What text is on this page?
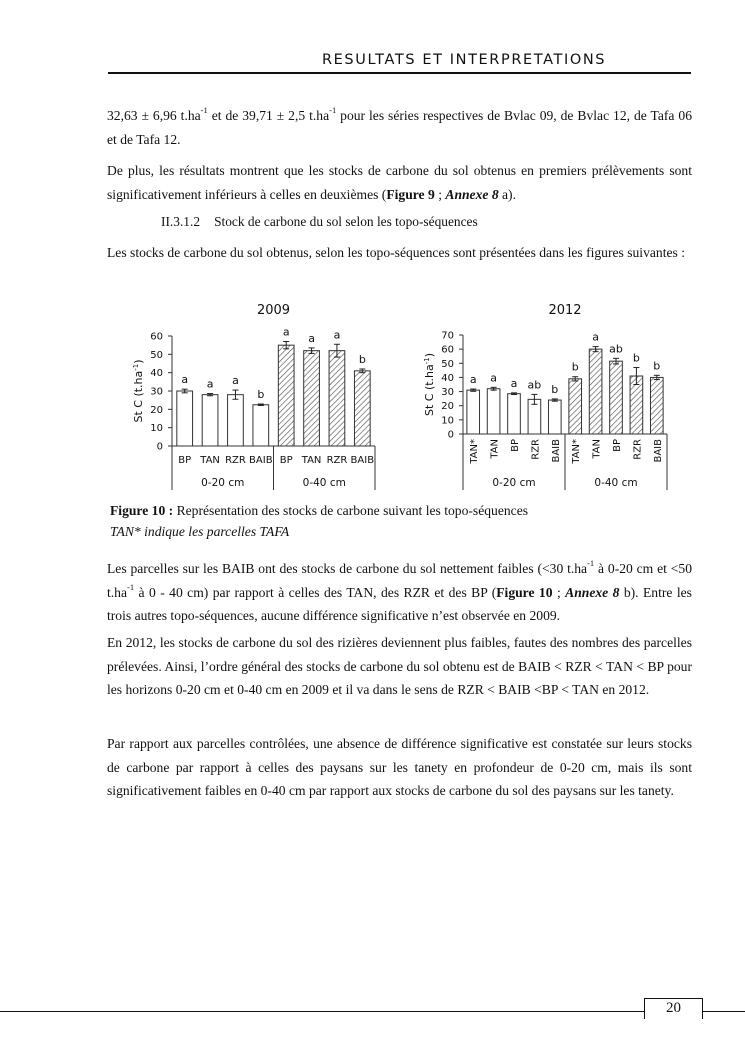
RESULTATS ET INTERPRETATIONS

32,63 ± 6,96 $t.ha^{-1}$ et de 39,71 ± 2,5 $t.ha^{-1}$ pour les séries respectives de Bvlac 09, de Bvlac 12, de Tafa 06 et de Tafa 12.

De plus, les résultats montrent que les stocks de carbone du sol obtenus en premiers prélèvements sont significativement inférieurs à celles en deuxièmes (Figure 9 ; Annexe 8 a).

II.3.1.2 Stock de carbone du sol selon les topo-séquences

Les stocks de carbone du sol obtenus, selon les topo-séquences sont présentées dans les figures suivantes :

2009
St C $(t.ha^{-1})$
0
10
20
30
40
50
60
a
BP
a
TAN
a
RZR
b
BAIB
a
BP
a
TAN
a
RZR
b
BAIB
0-20 cm	0-40 cm
2012
St C $(t.ha^{-1})$
0
10
20
30
40
50
60
70
a
TAN*
a
TAN
a
BP
ab
RZR
b
BAIB
b
TAN*
a
TAN
ab
BP
b
RZR
b
BAIB
0-20 cm	0-40 cm
Figure 10 : Représentation des stocks de carbone suivant les topo-séquences
TAN* indique les parcelles TAFA

Les parcelles sur les BAIB ont des stocks de carbone du sol nettement faibles (<30 $t.ha^{-1}$ à 0-20 cm et <50 $t.ha^{-1}$ à 0 - 40 cm) par rapport à celles des TAN, des RZR et des BP (Figure 10 ; Annexe 8 b). Entre les trois autres topo-séquences, aucune différence significative n’est observée en 2009.

En 2012, les stocks de carbone du sol des rizières deviennent plus faibles, fautes des nombres des parcelles prélevées. Ainsi, l’ordre général des stocks de carbone du sol obtenu est de BAIB < RZR < TAN < BP pour les horizons 0-20 cm et 0-40 cm en 2009 et il va dans le sens de RZR < BAIB <BP < TAN en 2012.

Par rapport aux parcelles contrôlées, une absence de différence significative est constatée sur leurs stocks de carbone par rapport à celles des paysans sur les tanety en profondeur de 0-20 cm, mais ils sont significativement faibles en 0-40 cm par rapport aux stocks de carbone du sol des paysans sur les tanety.

20
